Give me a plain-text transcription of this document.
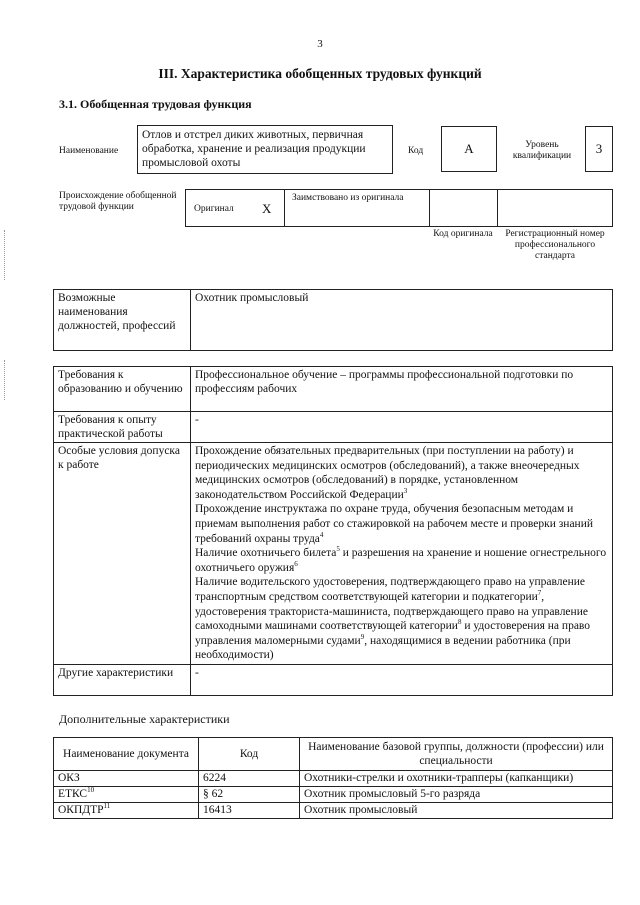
3
III. Характеристика обобщенных трудовых функций
3.1. Обобщенная трудовая функция
Наименование
Отлов и отстрел диких животных, первичная обработка, хранение и реализация продукции промысловой охоты
Код	А	Уровень квалификации	3
Происхождение обобщенной трудовой функции	Оригинал X
Заимствовано из оригинала
Код оригинала Регистрационный номер профессионального стандарта
Возможные наименования должностей, профессий	Охотник промысловый
Требования к образованию и обучению	Профессиональное обучение – программы профессиональной подготовки по профессиям рабочих
Требования к опыту практической работы	-
Особые условия допуска к работе	Прохождение обязательных предварительных (при поступлении на работу) и периодических медицинских осмотров (обследований), а также внеочередных медицинских осмотров (обследований) в порядке, установленном законодательством Российской Федерации$^3$
Прохождение инструктажа по охране труда, обучения безопасным методам и приемам выполнения работ со стажировкой на рабочем месте и проверки знаний требований охраны труда$^4$
Наличие охотничьего билета$^5$ и разрешения на хранение и ношение огнестрельного охотничьего оружия$^6$
Наличие водительского удостоверения, подтверждающего право на управление транспортным средством соответствующей категории и подкатегории$^7$, удостоверения тракториста-машиниста, подтверждающего право на управление самоходными машинами соответствующей категории$^8$ и удостоверения на право управления маломерными судами$^9$, находящимися в ведении работника (при необходимости)

Другие характеристики	-
Дополнительные характеристики
Наименование документа	Код	Наименование базовой группы, должности (профессии) или специальности
ОКЗ	6224	Охотники-стрелки и охотники-трапперы (капканщики)
ЕТКС$^{10}$	§ 62	Охотник промысловый 5-го разряда
ОКПДТР$^{11}$	16413	Охотник промысловый
